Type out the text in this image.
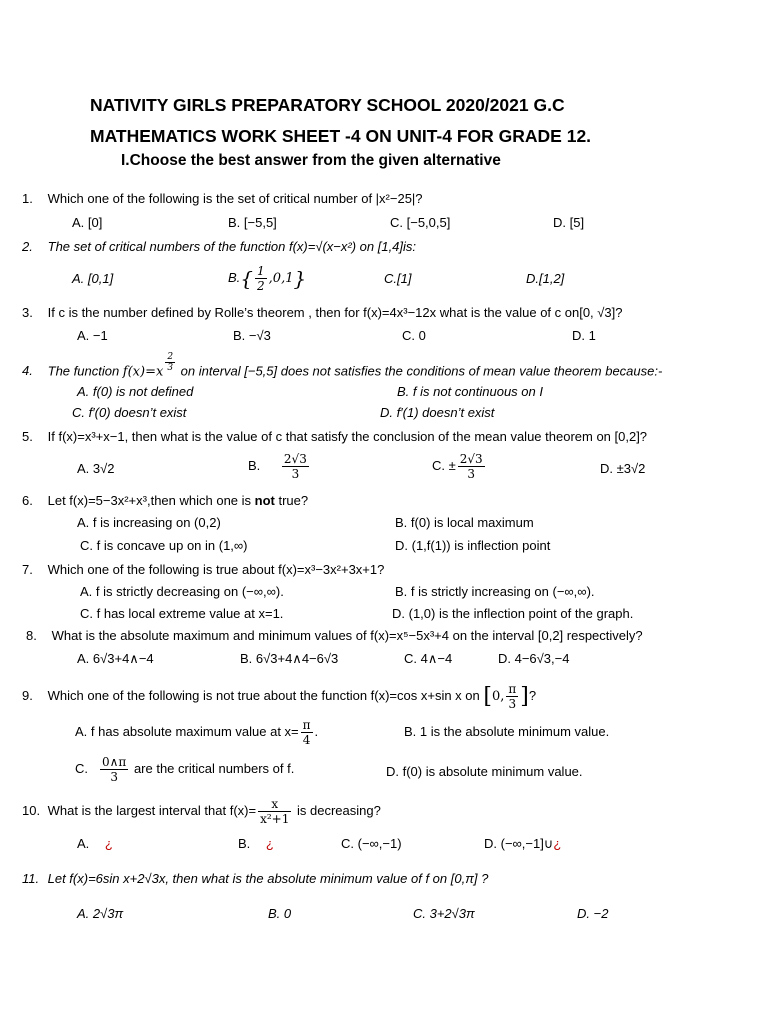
NATIVITY GIRLS PREPARATORY SCHOOL 2020/2021 G.C
MATHEMATICS WORK SHEET -4 ON UNIT-4 FOR GRADE 12.
I.Choose the best answer from the given alternative
1. Which one of the following is the set of critical number of |x²−25|?
A. [0]	B. [−5,5]	C. [−5,0,5]	D. [5]
2. The set of critical numbers of the function f(x)=√(x−x²) on [1,4]is:
A. [0,1]	$B.\{ \frac{1}{2} ,0,1\}$	C.[1]	D.[1,2]
3. If c is the number defined by Rolle’s theorem , then for f(x)=4x³−12x what is the value of c on[0, √3]?
A. −1	B. −√3	C. 0	D. 1
4. The function $f(x)=x \frac{2}{3}$ on interval [−5,5] does not satisfies the conditions of mean value theorem because:-
A. f(0) is not defined	B. f is not continuous on I
C. f′(0) doesn’t exist	D. f′(1) doesn’t exist
5. If f(x)=x³+x−1, then what is the value of c that satisfy the conclusion of the mean value theorem on [0,2]?
A. 3√2	B. $\frac{2√3}{3}$	C. ± $\frac{2√3}{3}$	D. ±3√2
6. Let f(x)=5−3x²+x³,then which one is not true?
A. f is increasing on (0,2)	B. f(0) is local maximum
C. f is concave up on in (1,∞)	D. (1,f(1)) is inflection point
7. Which one of the following is true about f(x)=x³−3x²+3x+1?
A. f is strictly decreasing on (−∞,∞).	B. f is strictly increasing on (−∞,∞).
C. f has local extreme value at x=1.	D. (1,0) is the inflection point of the graph.
8. What is the absolute maximum and minimum values of f(x)=x⁵−5x³+4 on the interval [0,2] respectively?
A. 6√3+4∧−4	B. 6√3+4∧4−6√3	C. 4∧−4	D. 4−6√3,−4
9. Which one of the following is not true about the function f(x)=cos x+sin x on [0, $\frac{\pi}{3}$ ]?
A. f has absolute maximum value at $x= \frac{\pi}{4}$ .	B. 1 is the absolute minimum value.
C. $\frac{0\wedge\pi}{3}$ are the critical numbers of f.	D. f(0) is absolute minimum value.
10. What is the largest interval that $f(x)= \frac{x}{\text{x²+1}}$ is decreasing?
A. ¿	B. ¿	C. (−∞,−1)	D. (−∞,−1]∪¿
11. Let f(x)=6sin x+2√3x, then what is the absolute minimum value of f on [0,π] ?
A. 2√3π	B. 0	C. 3+2√3π	D. −2
